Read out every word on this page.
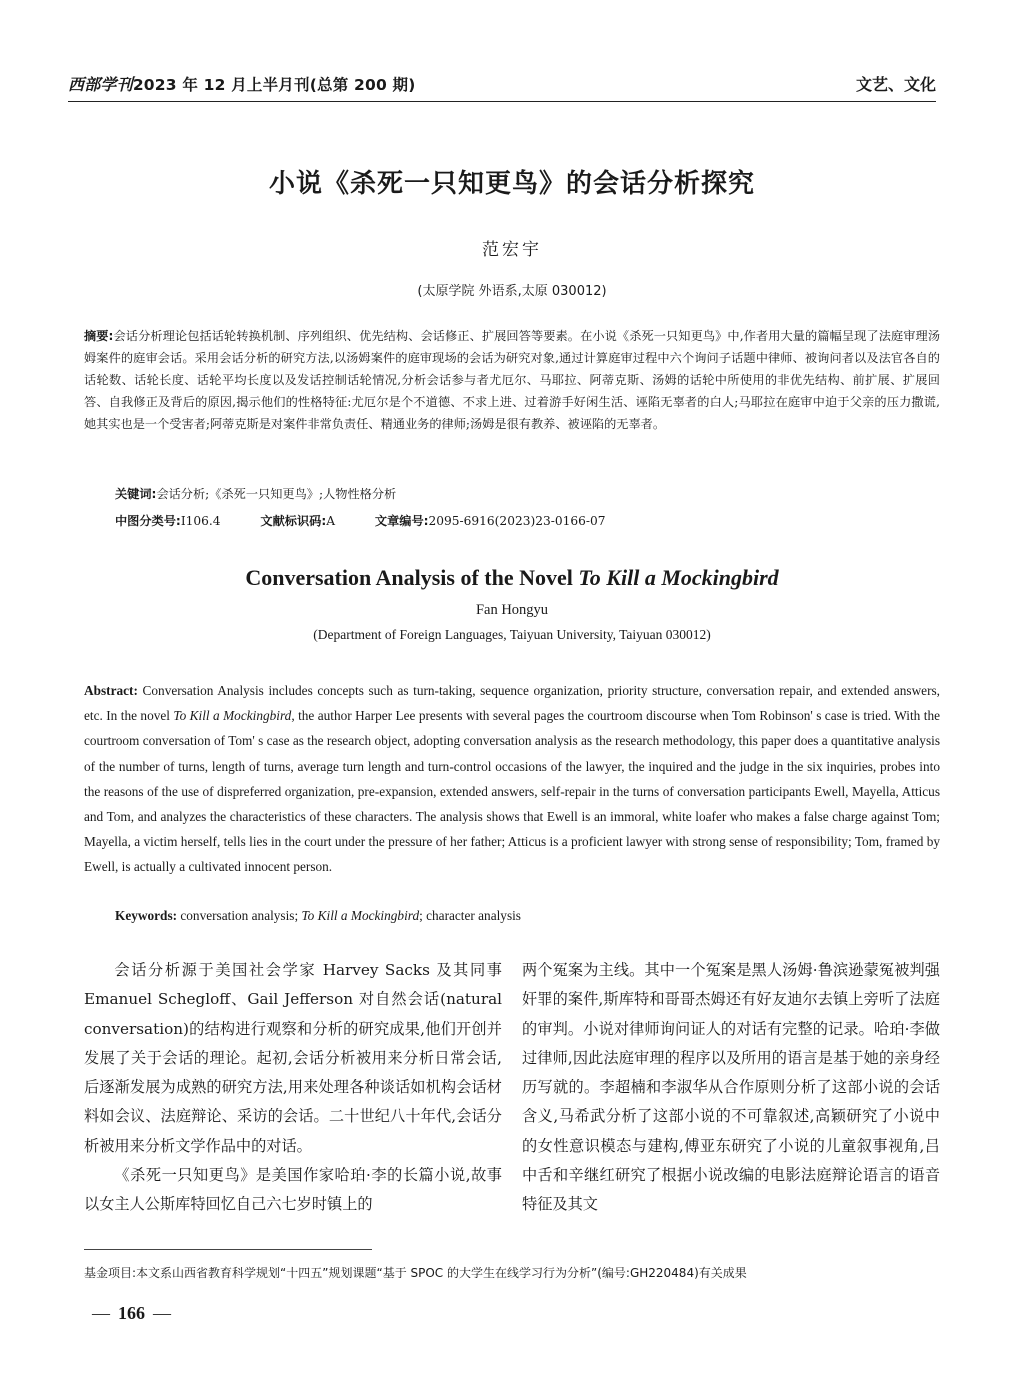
西部学刊2023 年 12 月上半月刊(总第 200 期)	文艺、文化
小说《杀死一只知更鸟》的会话分析探究
范宏宇
(太原学院 外语系,太原 030012)
摘要:会话分析理论包括话轮转换机制、序列组织、优先结构、会话修正、扩展回答等要素。在小说《杀死一只知更鸟》中,作者用大量的篇幅呈现了法庭审理汤姆案件的庭审会话。采用会话分析的研究方法,以汤姆案件的庭审现场的会话为研究对象,通过计算庭审过程中六个询问子话题中律师、被询问者以及法官各自的话轮数、话轮长度、话轮平均长度以及发话控制话轮情况,分析会话参与者尤厄尔、马耶拉、阿蒂克斯、汤姆的话轮中所使用的非优先结构、前扩展、扩展回答、自我修正及背后的原因,揭示他们的性格特征:尤厄尔是个不道德、不求上进、过着游手好闲生活、诬陷无辜者的白人;马耶拉在庭审中迫于父亲的压力撒谎,她其实也是一个受害者;阿蒂克斯是对案件非常负责任、精通业务的律师;汤姆是很有教养、被诬陷的无辜者。
关键词:会话分析;《杀死一只知更鸟》;人物性格分析
中图分类号:I106.4	文献标识码:A	文章编号:2095-6916(2023)23-0166-07
Conversation Analysis of the Novel To Kill a Mockingbird
Fan Hongyu
(Department of Foreign Languages, Taiyuan University, Taiyuan 030012)
Abstract: Conversation Analysis includes concepts such as turn-taking, sequence organization, priority structure, conversation repair, and extended answers, etc. In the novel To Kill a Mockingbird, the author Harper Lee presents with several pages the courtroom discourse when Tom Robinson' s case is tried. With the courtroom conversation of Tom' s case as the research object, adopting conversation analysis as the research methodology, this paper does a quantitative analysis of the number of turns, length of turns, average turn length and turn-control occasions of the lawyer, the inquired and the judge in the six inquiries, probes into the reasons of the use of dispreferred organization, pre-expansion, extended answers, self-repair in the turns of conversation participants Ewell, Mayella, Atticus and Tom, and analyzes the characteristics of these characters. The analysis shows that Ewell is an immoral, white loafer who makes a false charge against Tom; Mayella, a victim herself, tells lies in the court under the pressure of her father; Atticus is a proficient lawyer with strong sense of responsibility; Tom, framed by Ewell, is actually a cultivated innocent person.
Keywords: conversation analysis; To Kill a Mockingbird; character analysis

会话分析源于美国社会学家 Harvey Sacks 及其同事 Emanuel Schegloff、Gail Jefferson 对自然会话(natural conversation)的结构进行观察和分析的研究成果,他们开创并发展了关于会话的理论。起初,会话分析被用来分析日常会话,后逐渐发展为成熟的研究方法,用来处理各种谈话如机构会话材料如会议、法庭辩论、采访的会话。二十世纪八十年代,会话分析被用来分析文学作品中的对话。

《杀死一只知更鸟》是美国作家哈珀·李的长篇小说,故事以女主人公斯库特回忆自己六七岁时镇上的

两个冤案为主线。其中一个冤案是黑人汤姆·鲁滨逊蒙冤被判强奸罪的案件,斯库特和哥哥杰姆还有好友迪尔去镇上旁听了法庭的审判。小说对律师询问证人的对话有完整的记录。哈珀·李做过律师,因此法庭审理的程序以及所用的语言是基于她的亲身经历写就的。李超楠和李淑华从合作原则分析了这部小说的会话含义,马希武分析了这部小说的不可靠叙述,高颖研究了小说中的女性意识模态与建构,傅亚东研究了小说的儿童叙事视角,吕中舌和辛继红研究了根据小说改编的电影法庭辩论语言的语音特征及其文

基金项目:本文系山西省教育科学规划“十四五”规划课题“基于 SPOC 的大学生在线学习行为分析”(编号:GH220484)有关成果
— 166 —
